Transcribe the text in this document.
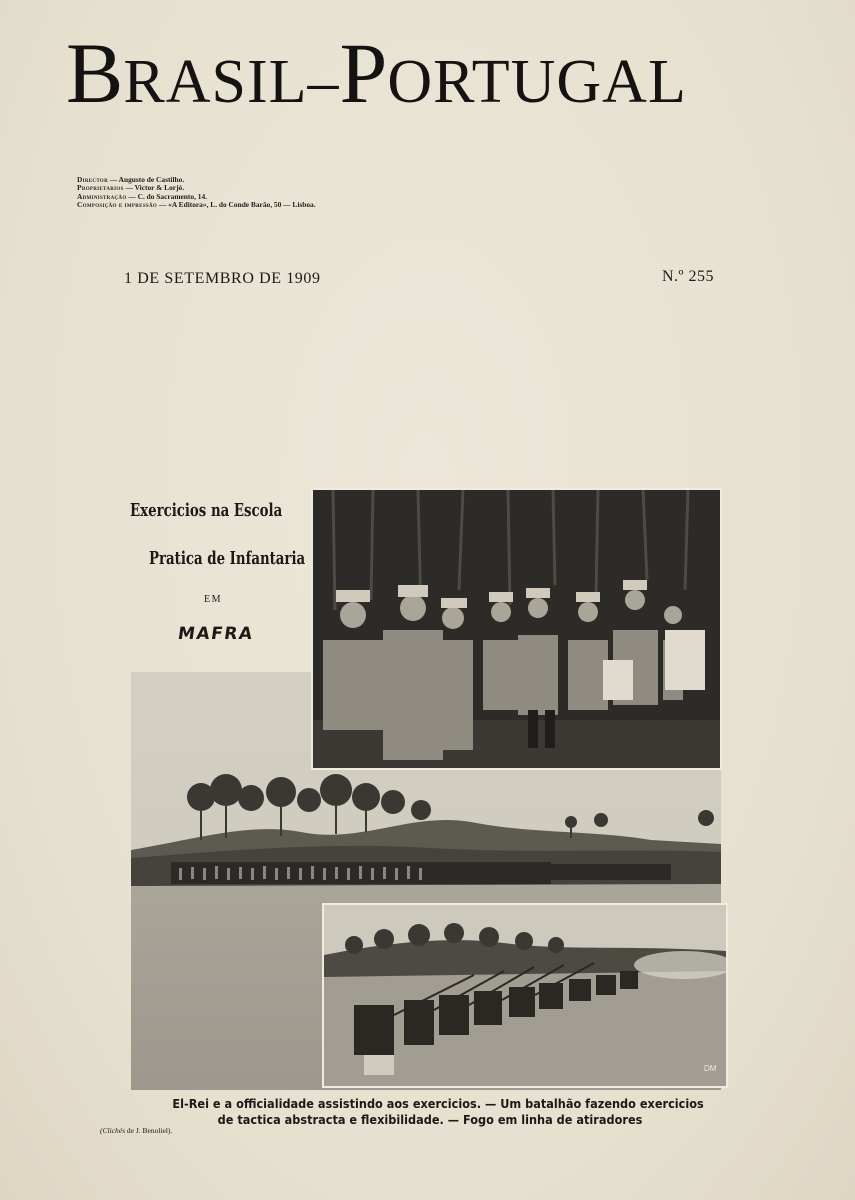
BRASIL–PORTUGAL
Director — Augusto de Castilho.
Proprietarios — Victor & Lorjó.
Administração — C. do Sacramento, 14.
Composição e impressão — «A Editora», L. do Conde Barão, 50 — Lisboa.
1 DE SETEMBRO DE 1909	N.º 255
Exercicios na Escola
Pratica de Infantaria
EM
MAFRA
DM
(Clichés de J. Benoliel).
El-Rei e a officialidade assistindo aos exercicios. — Um batalhão fazendo exercicios
de tactica abstracta e flexibilidade. — Fogo em linha de atiradores
